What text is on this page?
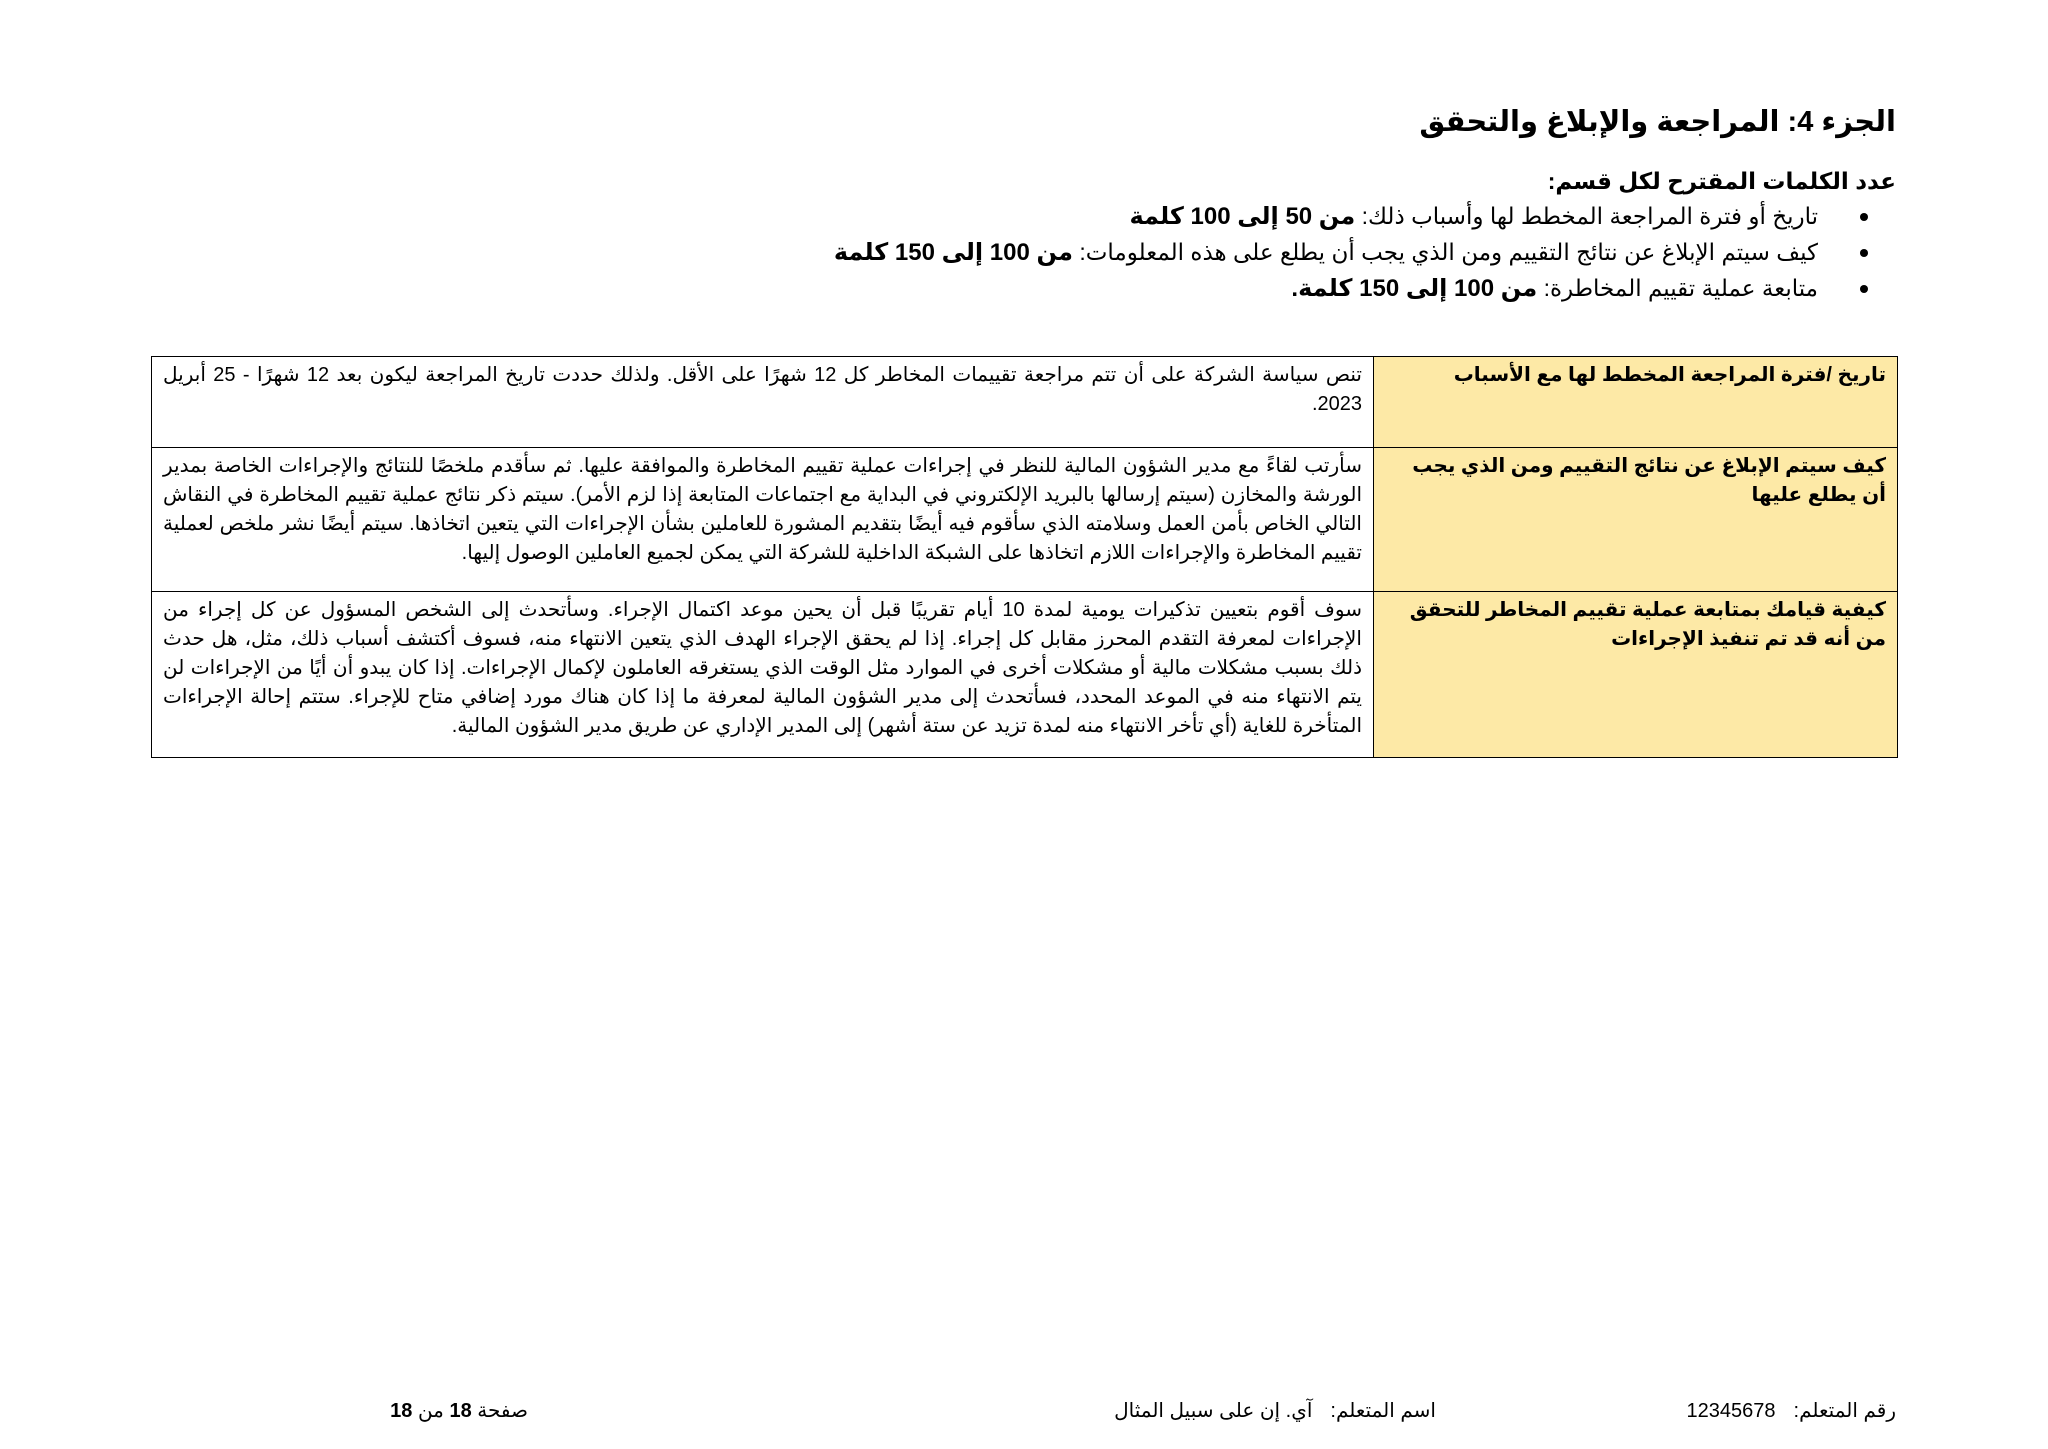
الجزء 4: المراجعة والإبلاغ والتحقق
عدد الكلمات المقترح لكل قسم:
تاريخ أو فترة المراجعة المخطط لها وأسباب ذلك: من 50 إلى 100 كلمة
كيف سيتم الإبلاغ عن نتائج التقييم ومن الذي يجب أن يطلع على هذه المعلومات: من 100 إلى 150 كلمة
متابعة عملية تقييم المخاطرة: من 100 إلى 150 كلمة.
تاريخ /فترة المراجعة المخطط لها مع الأسباب	تنص سياسة الشركة على أن تتم مراجعة تقييمات المخاطر كل 12 شهرًا على الأقل. ولذلك حددت تاريخ المراجعة ليكون بعد 12 شهرًا - 25 أبريل 2023.
كيف سيتم الإبلاغ عن نتائج التقييم ومن الذي يجب أن يطلع عليها	سأرتب لقاءً مع مدير الشؤون المالية للنظر في إجراءات عملية تقييم المخاطرة والموافقة عليها. ثم سأقدم ملخصًا للنتائج والإجراءات الخاصة بمدير الورشة والمخازن (سيتم إرسالها بالبريد الإلكتروني في البداية مع اجتماعات المتابعة إذا لزم الأمر). سيتم ذكر نتائج عملية تقييم المخاطرة في النقاش التالي الخاص بأمن العمل وسلامته الذي سأقوم فيه أيضًا بتقديم المشورة للعاملين بشأن الإجراءات التي يتعين اتخاذها. سيتم أيضًا نشر ملخص لعملية تقييم المخاطرة والإجراءات اللازم اتخاذها على الشبكة الداخلية للشركة التي يمكن لجميع العاملين الوصول إليها.
كيفية قيامك بمتابعة عملية تقييم المخاطر للتحقق من أنه قد تم تنفيذ الإجراءات	سوف أقوم بتعيين تذكيرات يومية لمدة 10 أيام تقريبًا قبل أن يحين موعد اكتمال الإجراء. وسأتحدث إلى الشخص المسؤول عن كل إجراء من الإجراءات لمعرفة التقدم المحرز مقابل كل إجراء. إذا لم يحقق الإجراء الهدف الذي يتعين الانتهاء منه، فسوف أكتشف أسباب ذلك، مثل، هل حدث ذلك بسبب مشكلات مالية أو مشكلات أخرى في الموارد مثل الوقت الذي يستغرقه العاملون لإكمال الإجراءات. إذا كان يبدو أن أيًا من الإجراءات لن يتم الانتهاء منه في الموعد المحدد، فسأتحدث إلى مدير الشؤون المالية لمعرفة ما إذا كان هناك مورد إضافي متاح للإجراء. ستتم إحالة الإجراءات المتأخرة للغاية (أي تأخر الانتهاء منه لمدة تزيد عن ستة أشهر) إلى المدير الإداري عن طريق مدير الشؤون المالية.
رقم المتعلم:12345678
اسم المتعلم:آي. إن على سبيل المثال
صفحة 18 من 18
